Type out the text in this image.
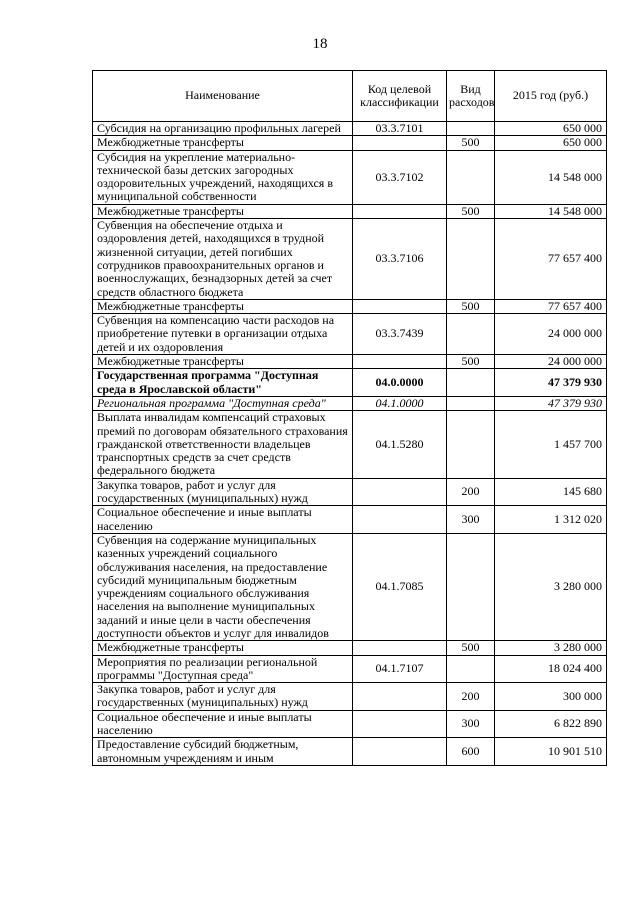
18
Наименование	Код целевой классификации	Вид расходов	2015 год (руб.)
Субсидия на организацию профильных лагерей	03.3.7101		650 000
Межбюджетные трансферты		500	650 000
Субсидия на укрепление материально-технической базы детских загородных оздоровительных учреждений, находящихся в муниципальной собственности	03.3.7102		14 548 000
Межбюджетные трансферты		500	14 548 000
Субвенция на обеспечение отдыха и оздоровления детей, находящихся в трудной жизненной ситуации, детей погибших сотрудников правоохранительных органов и военнослужащих, безнадзорных детей за счет средств областного бюджета	03.3.7106		77 657 400
Межбюджетные трансферты		500	77 657 400
Субвенция на компенсацию части расходов на приобретение путевки в организации отдыха детей и их оздоровления	03.3.7439		24 000 000
Межбюджетные трансферты		500	24 000 000
Государственная программа "Доступная среда в Ярославской области"	04.0.0000		47 379 930
Региональная программа "Доступная среда"	04.1.0000		47 379 930
Выплата инвалидам компенсаций страховых премий по договорам обязательного страхования гражданской ответственности владельцев транспортных средств за счет средств федерального бюджета	04.1.5280		1 457 700
Закупка товаров, работ и услуг для государственных (муниципальных) нужд		200	145 680
Социальное обеспечение и иные выплаты населению		300	1 312 020
Субвенция на содержание муниципальных казенных учреждений социального обслуживания населения, на предоставление субсидий муниципальным бюджетным учреждениям социального обслуживания населения на выполнение муниципальных заданий и иные цели в части обеспечения доступности объектов и услуг для инвалидов	04.1.7085		3 280 000
Межбюджетные трансферты		500	3 280 000
Мероприятия по реализации региональной программы "Доступная среда"	04.1.7107		18 024 400
Закупка товаров, работ и услуг для государственных (муниципальных) нужд		200	300 000
Социальное обеспечение и иные выплаты населению		300	6 822 890
Предоставление субсидий бюджетным, автономным учреждениям и иным		600	10 901 510
